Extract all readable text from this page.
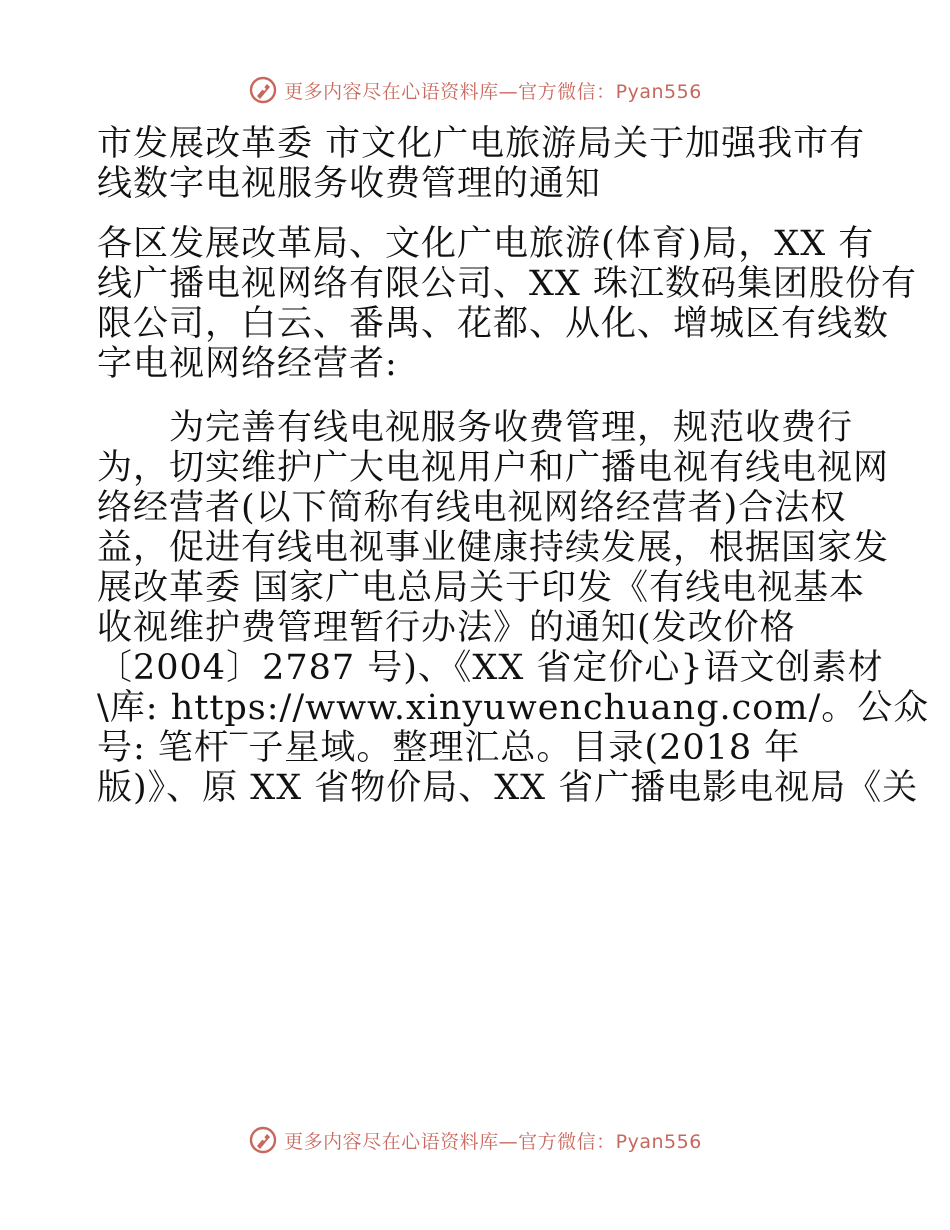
更多内容尽在心语资料库—官方微信：Pyan556
市发展改革委 市文化广电旅游局关于加强我市有
线数字电视服务收费管理的通知
各区发展改革局、文化广电旅游(体育)局，XX 有
线广播电视网络有限公司、XX 珠江数码集团股份有
限公司，白云、番禺、花都、从化、增城区有线数
字电视网络经营者:
　　为完善有线电视服务收费管理，规范收费行
为，切实维护广大电视用户和广播电视有线电视网
络经营者(以下简称有线电视网络经营者)合法权
益，促进有线电视事业健康持续发展，根据国家发
展改革委 国家广电总局关于印发《有线电视基本
收视维护费管理暂行办法》的通知(发改价格
〔2004〕2787 号)、《XX 省定价心}语文创素材
\库: https://www.xinyuwenchuang.com/。公众
号: 笔杆‾子星域。整理汇总。目录(2018 年
版)》、原 XX 省物价局、XX 省广播电影电视局《关
更多内容尽在心语资料库—官方微信：Pyan556
